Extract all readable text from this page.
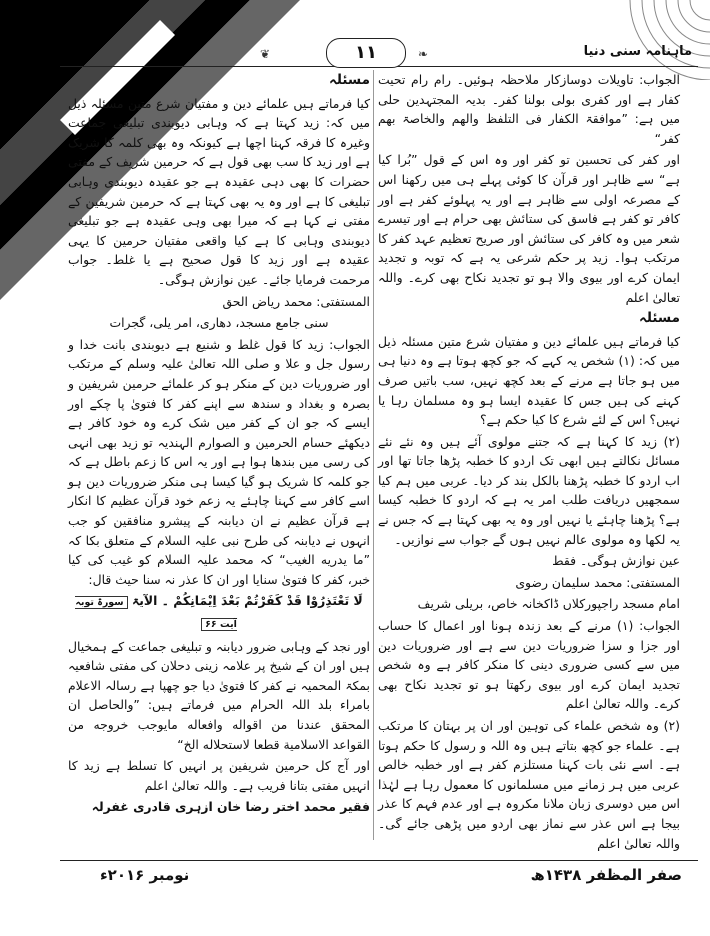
❦	۱۱	❧	ماہنامہ سنی دنیا

الجواب: تاویلات دوسازکار ملاحظہ ہوئیں۔ رام رام تحیت کفار ہے اور کفری بولی بولنا کفر۔ بدیہ المجتہدین حلی میں ہے: ”موافقۃ الکفار فی التلفظ والھم والخاصۃ بھم کفر“

اور کفر کی تحسین تو کفر اور وہ اس کے قول ”بُرا کیا ہے“ سے ظاہر اور قرآن کا کوئی پہلے ہی میں رکھنا اس کے مصرعہ اولی سے ظاہر ہے اور یہ پہلوئے کفر ہے اور کافر تو کفر ہے فاسق کی ستائش بھی حرام ہے اور تیسرے شعر میں وہ کافر کی ستائش اور صریح تعظیم عہد کفر کا مرتکب ہوا۔ زید پر حکم شرعی یہ ہے کہ توبہ و تجدید ایمان کرے اور بیوی والا ہو تو تجدید نکاح بھی کرے۔ واللہ تعالیٰ اعلم

مسئلہ

کیا فرماتے ہیں علمائے دین و مفتیان شرع متین مسئلہ ذیل میں کہ: (۱) شخص یہ کہے کہ جو کچھ ہوتا ہے وہ دنیا ہی میں ہو جاتا ہے مرنے کے بعد کچھ نہیں، سب باتیں صرف کہنے کی ہیں جس کا عقیدہ ایسا ہو وہ مسلمان رہا یا نہیں؟ اس کے لئے شرع کا کیا حکم ہے؟

(۲) زید کا کہنا ہے کہ جتنے مولوی آئے ہیں وہ نئے نئے مسائل نکالتے ہیں ابھی تک اردو کا خطبہ پڑھا جاتا تھا اور اب اردو کا خطبہ پڑھنا بالکل بند کر دیا۔ عربی میں ہم کیا سمجھیں دریافت طلب امر یہ ہے کہ اردو کا خطبہ کیسا ہے؟ پڑھنا چاہئے یا نہیں اور وہ یہ بھی کہتا ہے کہ جس نے یہ لکھا وہ مولوی عالم نہیں ہوں گے جواب سے نوازیں۔

عین نوازش ہوگی۔ فقط

المستفتی: محمد سلیمان رضوی
امام مسجد راجپورکلاں ڈاکخانہ خاص، بریلی شریف

الجواب: (۱) مرنے کے بعد زندہ ہونا اور اعمال کا حساب اور جزا و سزا ضروریات دین سے ہے اور ضروریات دین میں سے کسی ضروری دینی کا منکر کافر ہے وہ شخص تجدید ایمان کرے اور بیوی رکھتا ہو تو تجدید نکاح بھی کرے۔ واللہ تعالیٰ اعلم

(۲) وہ شخص علماء کی توہین اور ان پر بہتان کا مرتکب ہے۔ علماء جو کچھ بتاتے ہیں وہ اللہ و رسول کا حکم ہوتا ہے۔ اسے نئی بات کہنا مستلزم کفر ہے اور خطبہ خالص عربی میں ہر زمانے میں مسلمانوں کا معمول رہا ہے لہٰذا اس میں دوسری زبان ملانا مکروہ ہے اور عدم فہم کا عذر بیجا ہے اس عذر سے نماز بھی اردو میں پڑھی جائے گی۔ واللہ تعالیٰ اعلم

مسئلہ

کیا فرماتے ہیں علمائے دین و مفتیان شرع متین مسئلہ ذیل میں کہ: زید کہتا ہے کہ وہابی دیوبندی تبلیغی جماعت وغیرہ کا فرقہ کہنا اچھا ہے کیونکہ وہ بھی کلمہ کا شریک ہے اور زید کا سب بھی قول ہے کہ حرمین شریف کے مفتی حضرات کا بھی دہی عقیدہ ہے جو عقیدہ دیوبندی وہابی تبلیغی کا ہے اور وہ یہ بھی کہتا ہے کہ حرمین شریفین کے مفتی نے کہا ہے کہ میرا بھی وہی عقیدہ ہے جو تبلیغی دیوبندی وہابی کا ہے کیا واقعی مفتیان حرمین کا یہی عقیدہ ہے اور زید کا قول صحیح ہے یا غلط۔ جواب مرحمت فرمایا جائے۔ عین نوازش ہوگی۔

المستفتی: محمد ریاض الحق
سنی جامع مسجد، دھاری، امر یلی، گجرات

الجواب: زید کا قول غلط و شنیع ہے دیوبندی بانت خدا و رسول جل و علا و صلی اللہ تعالیٰ علیہ وسلم کے مرتکب اور ضروریات دین کے منکر ہو کر علمائے حرمین شریفین و بصرہ و بغداد و سندھ سے اپنے کفر کا فتویٰ پا چکے اور ایسے کہ جو ان کے کفر میں شک کرے وہ خود کافر ہے دیکھئے حسام الحرمین و الصوارم الہندیہ تو زید بھی انہی کی رسی میں بندھا ہوا ہے اور یہ اس کا زعم باطل ہے کہ جو کلمہ کا شریک ہو گیا کیسا ہی منکر ضروریات دین ہو اسے کافر سے کہنا چاہئے یہ زعم خود قرآن عظیم کا انکار ہے قرآن عظیم نے ان دیابنہ کے پیشرو منافقین کو جب انہوں نے دیابنہ کی طرح نبی علیہ السلام کے متعلق بکا کہ ”ما یدریه الغیب“ کہ محمد علیہ السلام کو غیب کی کیا خبر، کفر کا فتویٰ سنایا اور ان کا عذر نہ سنا حیث قال:

لَا تَعْتَذِرُوْا قَدْ كَفَرْتُمْ بَعْدَ اِيْمَانِكُمْ ۔ الآیۃ سورۃ توبہ آیت ۶۶

اور نجد کے وہابی ضرور دیابنہ و تبلیغی جماعت کے ہمخیال ہیں اور ان کے شیخ پر علامہ زینی دحلان کی مفتی شافعیہ بمکۃ المحمیہ نے کفر کا فتویٰ دیا جو چھپا ہے رسالہ الاعلام بامراء بلد اللہ الحرام میں فرماتے ہیں: ”والحاصل ان المحقق عندنا من اقواله وافعاله مایوجب خروجه من القواعد الاسلامیة قطعا لاستحلاله الخ“

اور آج کل حرمین شریفین پر انہیں کا تسلط ہے زید کا انہیں مفتی بتانا فریب ہے۔ واللہ تعالیٰ اعلم

فقیر محمد اختر رضا خان ازہری قادری غفرلہ
نومبر ۲۰۱۶ء	صفر المظفر ۱۴۳۸ھ
